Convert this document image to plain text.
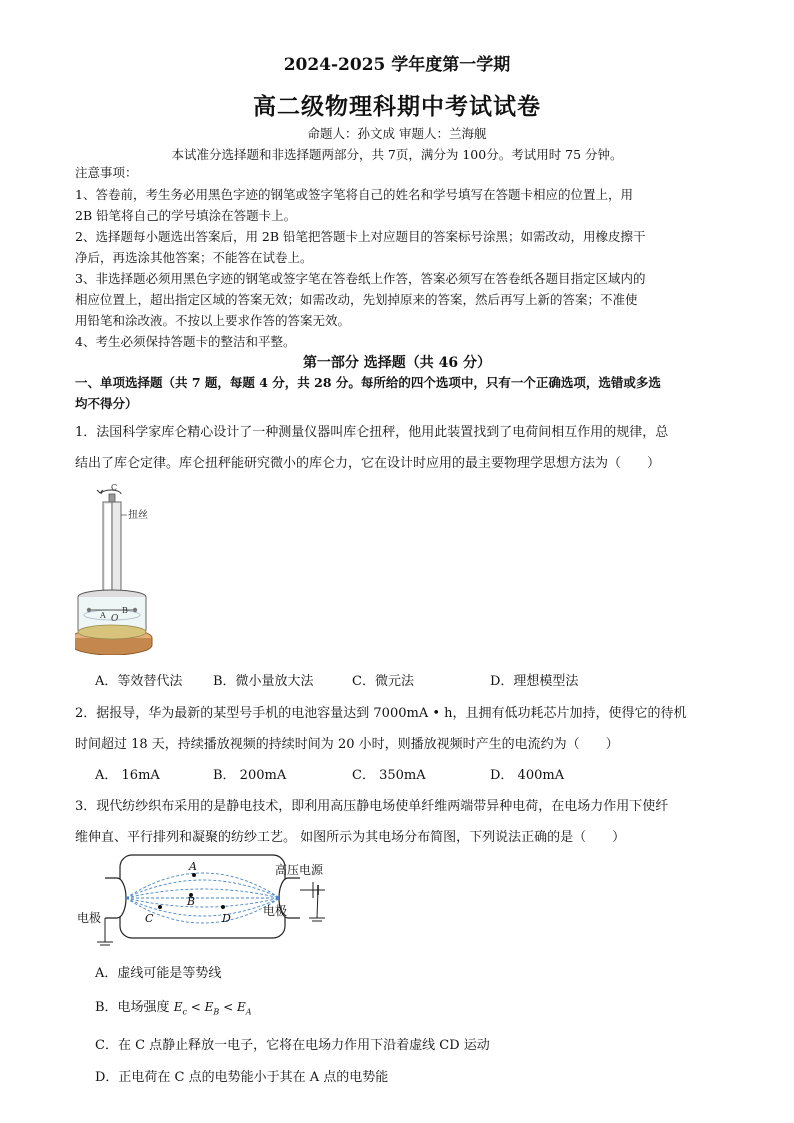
2024-2025 学年度第一学期
高二级物理科期中考试试卷
命题人：孙文成 审题人：兰海舰
本试准分选择题和非选择题两部分，共 7页，满分为 100分。考试用时 75 分钟。
注意事项：
1、答卷前，考生务必用黑色字迹的钢笔或签字笔将自己的姓名和学号填写在答题卡相应的位置上，用
2B 铅笔将自己的学号填涂在答题卡上。
2、选择题每小题选出答案后，用 2B 铅笔把答题卡上对应题目的答案标号涂黑；如需改动，用橡皮擦干
净后，再选涂其他答案；不能答在试卷上。
3、非选择题必须用黑色字迹的钢笔或签字笔在答卷纸上作答，答案必须写在答卷纸各题目指定区域内的
相应位置上，超出指定区域的答案无效；如需改动，先划掉原来的答案，然后再写上新的答案；不准使
用铅笔和涂改液。不按以上要求作答的答案无效。
4、考生必须保持答题卡的整洁和平整。
第一部分 选择题（共 46 分）
一、单项选择题（共 7 题，每题 4 分，共 28 分。每所给的四个选项中，只有一个正确选项，选错或多选
均不得分）
1．法国科学家库仑精心设计了一种测量仪器叫库仑扭秤，他用此装置找到了电荷间相互作用的规律，总
结出了库仑定律。库仑扭秤能研究微小的库仑力，它在设计时应用的最主要物理学思想方法为（　　）
C
扭丝
A O
B
A．等效替代法 B．微小量放大法	C．微元法	D．理想模型法
2．据报导，华为最新的某型号手机的电池容量达到 7000mA • h，且拥有低功耗芯片加持，使得它的待机
时间超过 18 天，持续播放视频的持续时间为 20 小时，则播放视频时产生的电流约为（　　）
A． 16mA	B． 200mA	C． 350mA	D． 400mA
3．现代纺纱织布采用的是静电技术，即利用高压静电场使单纤维两端带异种电荷，在电场力作用下使纤
维伸直、平行排列和凝聚的纺纱工艺。 如图所示为其电场分布简图，下列说法正确的是（　　）
A
B
C	D
高压电源
电极	电极
A．虚线可能是等势线
B．电场强度 $E_c < E_B < E_A$
C．在 C 点静止释放一电子，它将在电场力作用下沿着虚线 CD 运动
D．正电荷在 C 点的电势能小于其在 A 点的电势能
